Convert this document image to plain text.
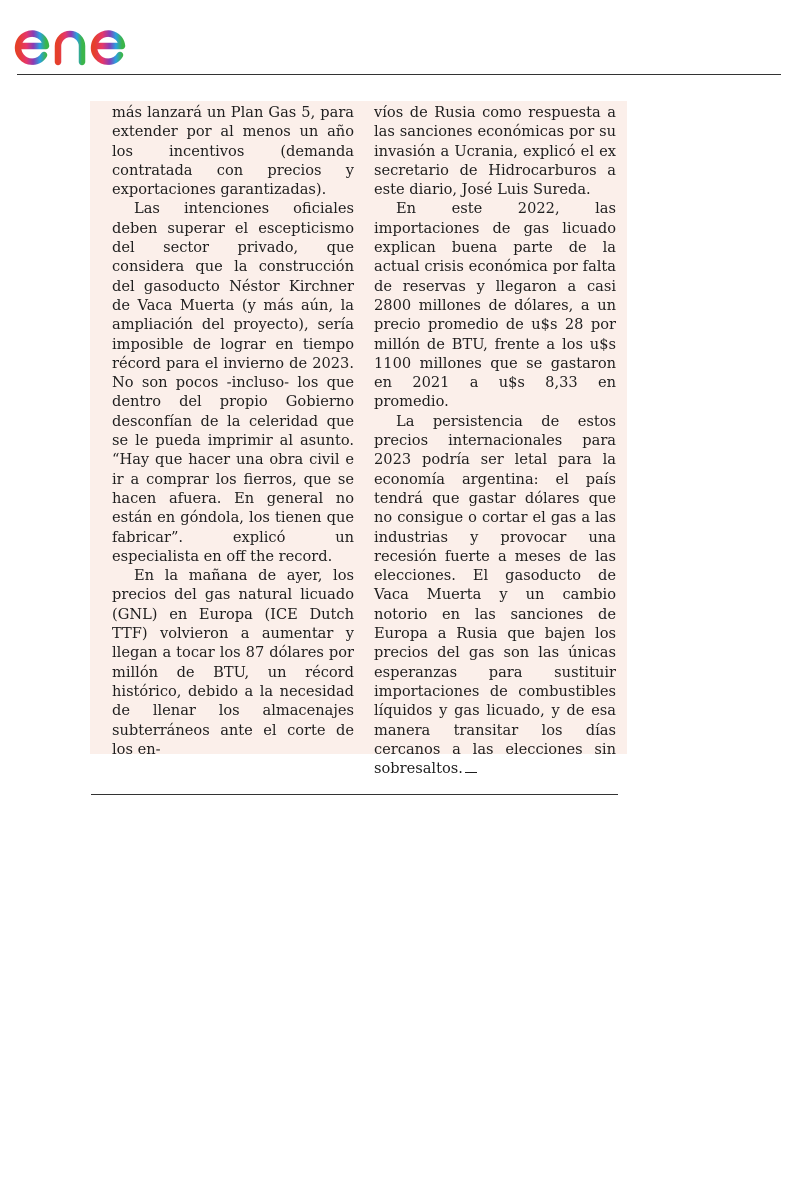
más lanzará un Plan Gas 5, para extender por al menos un año los incentivos (demanda contratada con precios y exportaciones garantizadas).

Las intenciones oficiales deben superar el escepticismo del sector privado, que considera que la construcción del gasoducto Néstor Kirchner de Vaca Muerta (y más aún, la ampliación del proyecto), sería imposible de lograr en tiempo récord para el invierno de 2023. No son pocos -incluso- los que dentro del propio Gobierno desconfían de la celeridad que se le pueda imprimir al asunto. “Hay que hacer una obra civil e ir a comprar los fierros, que se hacen afuera. En general no están en góndola, los tienen que fabricar”. explicó un especialista en off the record.

En la mañana de ayer, los precios del gas natural licuado (GNL) en Europa (ICE Dutch TTF) volvieron a aumentar y llegan a tocar los 87 dólares por millón de BTU, un récord histórico, debido a la necesidad de llenar los almacenajes subterráneos ante el corte de los en-

víos de Rusia como respuesta a las sanciones económicas por su invasión a Ucrania, explicó el ex secretario de Hidrocarburos a este diario, José Luis Sureda.

En este 2022, las importaciones de gas licuado explican buena parte de la actual crisis económica por falta de reservas y llegaron a casi 2800 millones de dólares, a un precio promedio de u$s 28 por millón de BTU, frente a los u$s 1100 millones que se gastaron en 2021 a u$s 8,33 en promedio.

La persistencia de estos precios internacionales para 2023 podría ser letal para la economía argentina: el país tendrá que gastar dólares que no consigue o cortar el gas a las industrias y provocar una recesión fuerte a meses de las elecciones. El gasoducto de Vaca Muerta y un cambio notorio en las sanciones de Europa a Rusia que bajen los precios del gas son las únicas esperanzas para sustituir importaciones de combustibles líquidos y gas licuado, y de esa manera transitar los días cercanos a las elecciones sin sobresaltos.
